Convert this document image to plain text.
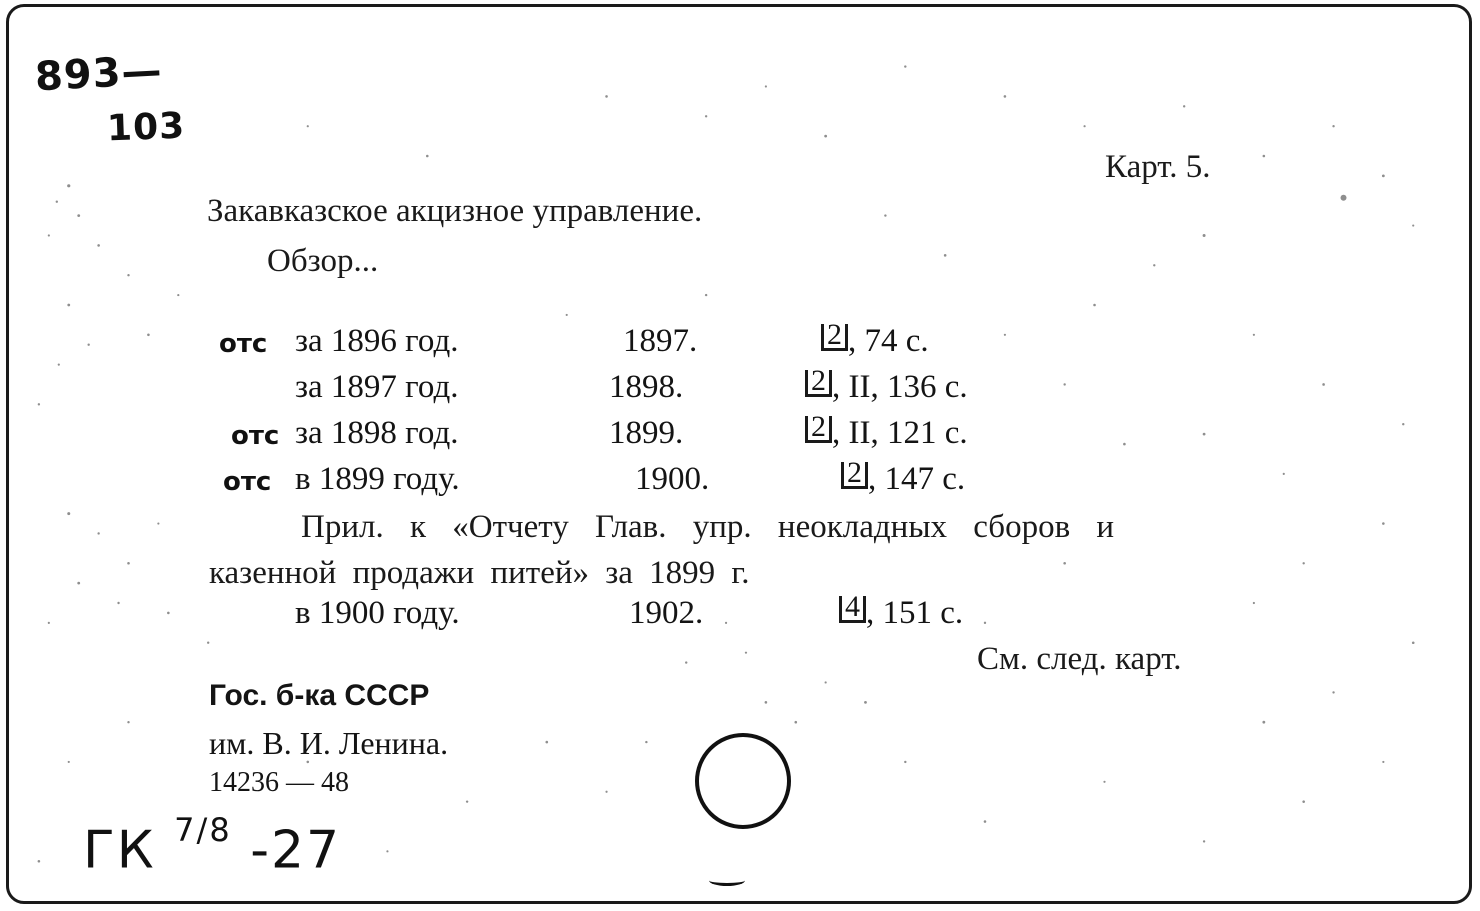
893—
103
Карт. 5.
Закавказское акцизное управление.
Обзор...
отс за 1896 год.	1897.	2 , 74 с.
за 1897 год.	1898.	2 , II, 136 с.
отс за 1898 год.	1899.	2 , II, 121 с.
отс в 1899 году.	1900.	2 , 147 с.
Прил. к «Отчету Глав. упр. неокладных сборов и
казенной продажи питей» за 1899 г.
в 1900 году.	1902.	4 , 151 с.
См. след. карт.
Гос. б-ка СССР
им. В. И. Ленина.
14236 — 48
ГК $^{7/8}$ -27
